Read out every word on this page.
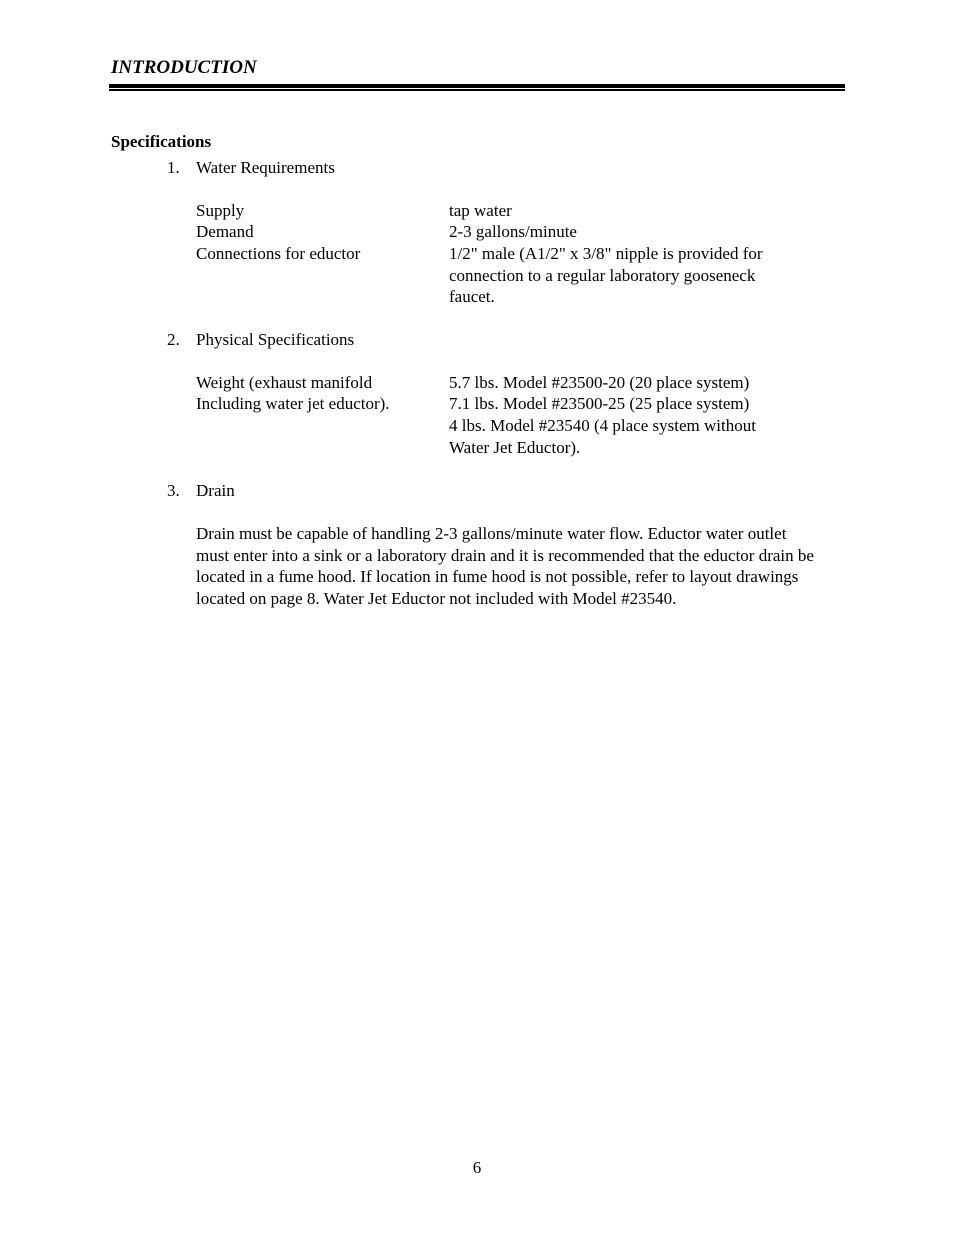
INTRODUCTION
Specifications
1. Water Requirements
Supply	tap water
Demand	2-3 gallons/minute
Connections for eductor	1/2" male (A1/2" x 3/8" nipple is provided for connection to a regular laboratory gooseneck faucet.
2. Physical Specifications
Weight (exhaust manifold	5.7 lbs. Model #23500-20 (20 place system)
Including water jet eductor).	7.1 lbs. Model #23500-25 (25 place system)
4 lbs. Model #23540 (4 place system without Water Jet Eductor).
3. Drain
Drain must be capable of handling 2-3 gallons/minute water flow. Eductor water outlet must enter into a sink or a laboratory drain and it is recommended that the eductor drain be located in a fume hood. If location in fume hood is not possible, refer to layout drawings located on page 8. Water Jet Eductor not included with Model #23540.
6
